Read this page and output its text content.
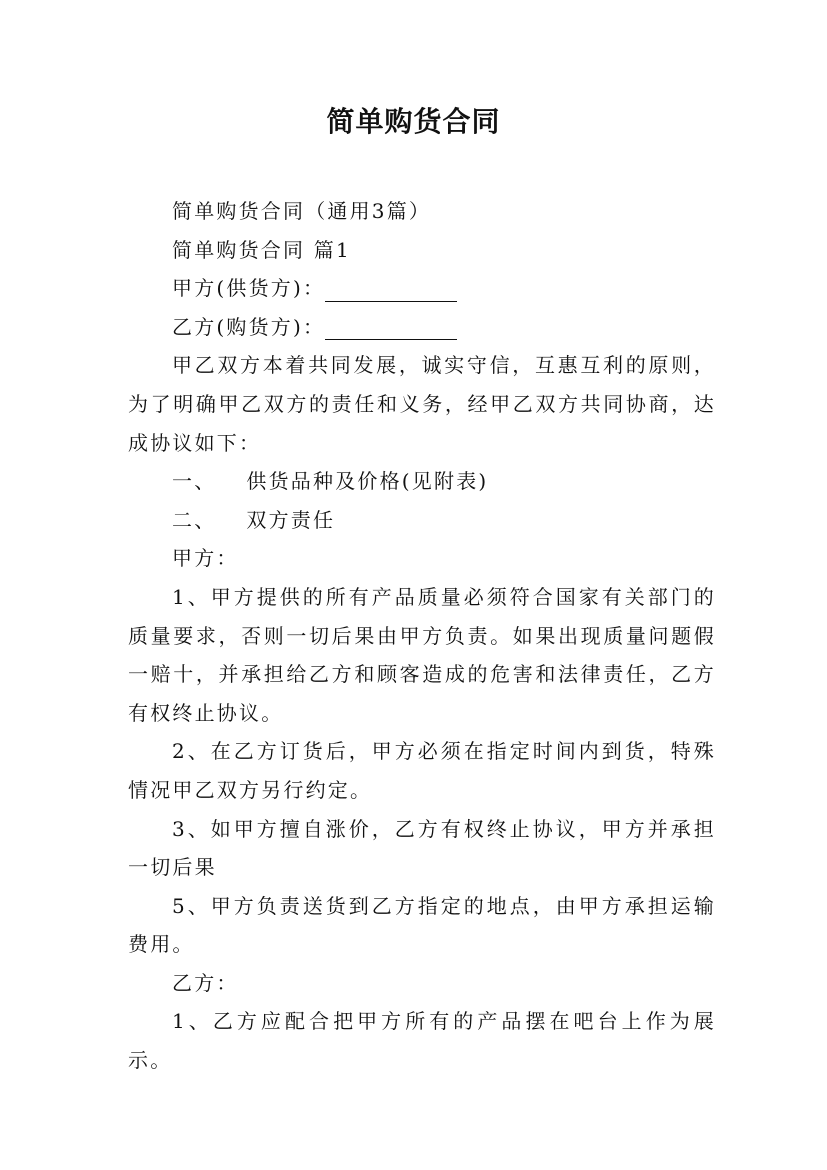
简单购货合同

简单购货合同（通用3篇）

简单购货合同 篇1

甲方(供货方)：

乙方(购货方)：

甲乙双方本着共同发展，诚实守信，互惠互利的原则，为了明确甲乙双方的责任和义务，经甲乙双方共同协商，达成协议如下：

一、 供货品种及价格(见附表)

二、 双方责任

甲方：

1、甲方提供的所有产品质量必须符合国家有关部门的质量要求，否则一切后果由甲方负责。如果出现质量问题假一赔十，并承担给乙方和顾客造成的危害和法律责任，乙方有权终止协议。

2、在乙方订货后，甲方必须在指定时间内到货，特殊情况甲乙双方另行约定。

3、如甲方擅自涨价，乙方有权终止协议，甲方并承担一切后果

5、甲方负责送货到乙方指定的地点，由甲方承担运输费用。

乙方：

1、乙方应配合把甲方所有的产品摆在吧台上作为展示。
